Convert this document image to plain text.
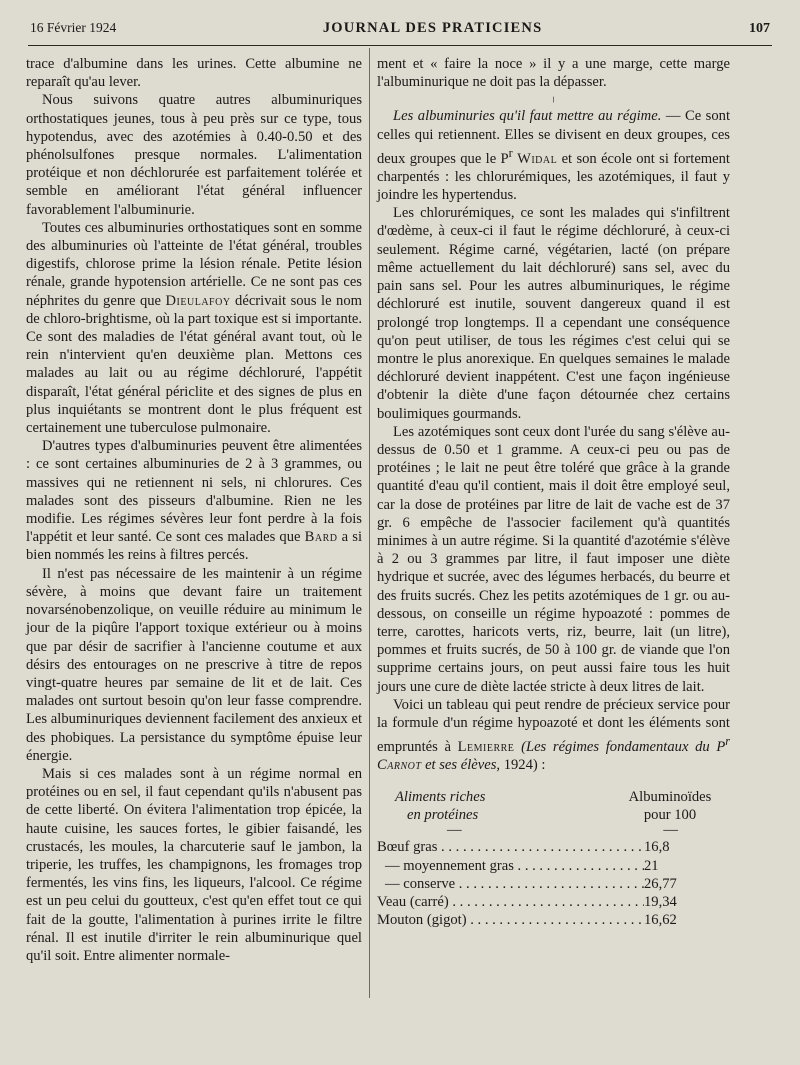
16 Février 1924	JOURNAL DES PRATICIENS	107

trace d'albumine dans les urines. Cette albumine ne reparaît qu'au lever.

Nous suivons quatre autres albuminuriques orthostatiques jeunes, tous à peu près sur ce type, tous hypotendus, avec des azotémies à 0.40-0.50 et des phénolsulfones presque normales. L'alimentation protéique et non déchlorurée est parfaitement tolérée et semble en améliorant l'état général influencer favorablement l'albuminurie.

Toutes ces albuminuries orthostatiques sont en somme des albuminuries où l'atteinte de l'état général, troubles digestifs, chlorose prime la lésion rénale. Petite lésion rénale, grande hypotension artérielle. Ce ne sont pas ces néphrites du genre que Dieulafoy décrivait sous le nom de chloro-brightisme, où la part toxique est si importante. Ce sont des maladies de l'état général avant tout, où le rein n'intervient qu'en deuxième plan. Mettons ces malades au lait ou au régime déchloruré, l'appétit disparaît, l'état général périclite et des signes de plus en plus inquiétants se montrent dont le plus fréquent est certainement une tuberculose pulmonaire.

D'autres types d'albuminuries peuvent être alimentées : ce sont certaines albuminuries de 2 à 3 grammes, ou massives qui ne retiennent ni sels, ni chlorures. Ces malades sont des pisseurs d'albumine. Rien ne les modifie. Les régimes sévères leur font perdre à la fois l'appétit et leur santé. Ce sont ces malades que Bard a si bien nommés les reins à filtres percés.

Il n'est pas nécessaire de les maintenir à un régime sévère, à moins que devant faire un traitement novarsénobenzolique, on veuille réduire au minimum le jour de la piqûre l'apport toxique extérieur ou à moins que par désir de sacrifier à l'ancienne coutume et aux désirs des entourages on ne prescrive à titre de repos vingt-quatre heures par semaine de lit et de lait. Ces malades ont surtout besoin qu'on leur fasse comprendre. Les albuminuriques deviennent facilement des anxieux et des phobiques. La persistance du symptôme épuise leur énergie.

Mais si ces malades sont à un régime normal en protéines ou en sel, il faut cependant qu'ils n'abusent pas de cette liberté. On évitera l'alimentation trop épicée, la haute cuisine, les sauces fortes, le gibier faisandé, les crustacés, les moules, la charcuterie sauf le jambon, la triperie, les truffes, les champignons, les fromages trop fermentés, les vins fins, les liqueurs, l'alcool. Ce régime est un peu celui du goutteux, c'est qu'en effet tout ce qui fait de la goutte, l'alimentation à purines irrite le filtre rénal. Il est inutile d'irriter le rein albuminurique quel qu'il soit. Entre alimenter normale-

ment et « faire la noce » il y a une marge, cette marge l'albuminurique ne doit pas la dépasser.

╷

Les albuminuries qu'il faut mettre au régime. — Ce sont celles qui retiennent. Elles se divisent en deux groupes, ces deux groupes que le $P^r$ Widal et son école ont si fortement charpentés : les chlorurémiques, les azotémiques, il faut y joindre les hypertendus.

Les chlorurémiques, ce sont les malades qui s'infiltrent d'œdème, à ceux-ci il faut le régime déchloruré, à ceux-ci seulement. Régime carné, végétarien, lacté (on prépare même actuellement du lait déchloruré) sans sel, avec du pain sans sel. Pour les autres albuminuriques, le régime déchloruré est inutile, souvent dangereux quand il est prolongé trop longtemps. Il a cependant une conséquence qu'on peut utiliser, de tous les régimes c'est celui qui se montre le plus anorexique. En quelques semaines le malade déchloruré devient inappétent. C'est une façon ingénieuse d'obtenir la diète d'une façon détournée chez certains boulimiques gourmands.

Les azotémiques sont ceux dont l'urée du sang s'élève au-dessus de 0.50 et 1 gramme. A ceux-ci peu ou pas de protéines ; le lait ne peut être toléré que grâce à la grande quantité d'eau qu'il contient, mais il doit être employé seul, car la dose de protéines par litre de lait de vache est de 37 gr. 6 empêche de l'associer facilement qu'à quantités minimes à un autre régime. Si la quantité d'azotémie s'élève à 2 ou 3 grammes par litre, il faut imposer une diète hydrique et sucrée, avec des légumes herbacés, du beurre et des fruits sucrés. Chez les petits azotémiques de 1 gr. ou au-dessous, on conseille un régime hypoazoté : pommes de terre, carottes, haricots verts, riz, beurre, lait (un litre), pommes et fruits sucrés, de 50 à 100 gr. de viande que l'on supprime certains jours, on peut aussi faire tous les huit jours une cure de diète lactée stricte à deux litres de lait.

Voici un tableau qui peut rendre de précieux service pour la formule d'un régime hypoazoté et dont les éléments sont empruntés à Lemierre (Les régimes fondamentaux du $P^r$ Carnot et ses élèves, 1924) :

Aliments riches
en protéines
Albuminoïdes
pour 100
—	—
Bœuf gras . . .	16,8
— moyennement gras . . .	21
— conserve . . .	26,77
Veau (carré) . . .	19,34
Mouton (gigot) . . .	16,62
